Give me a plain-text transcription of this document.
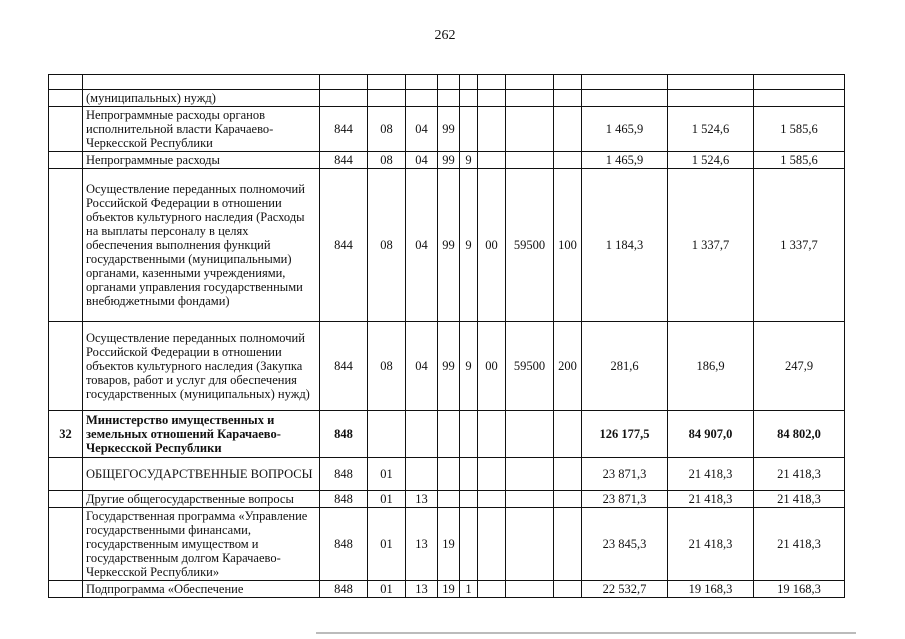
262

	(муниципальных) нужд)											
	Непрограммные расходы органов исполнительной власти Карачаево-Черкесской Республики	844	08	04	99					1 465,9	1 524,6	1 585,6
	Непрограммные расходы	844	08	04	99	9				1 465,9	1 524,6	1 585,6
	Осуществление переданных полномочий Российской Федерации в отношении объектов культурного наследия (Расходы на выплаты персоналу в целях обеспечения выполнения функций государственными (муниципальными) органами, казенными учреждениями, органами управления государственными внебюджетными фондами)	844	08	04	99	9	00	59500	100	1 184,3	1 337,7	1 337,7
	Осуществление переданных полномочий Российской Федерации в отношении объектов культурного наследия (Закупка товаров, работ и услуг для обеспечения государственных (муниципальных) нужд)	844	08	04	99	9	00	59500	200	281,6	186,9	247,9
32	Министерство имущественных и земельных отношений Карачаево-Черкесской Республики	848								126 177,5	84 907,0	84 802,0
	ОБЩЕГОСУДАРСТВЕННЫЕ ВОПРОСЫ	848	01							23 871,3	21 418,3	21 418,3
	Другие общегосударственные вопросы	848	01	13						23 871,3	21 418,3	21 418,3
	Государственная программа «Управление государственными финансами, государственным имуществом и государственным долгом Карачаево-Черкесской Республики»	848	01	13	19					23 845,3	21 418,3	21 418,3
	Подпрограмма «Обеспечение	848	01	13	19	1				22 532,7	19 168,3	19 168,3
